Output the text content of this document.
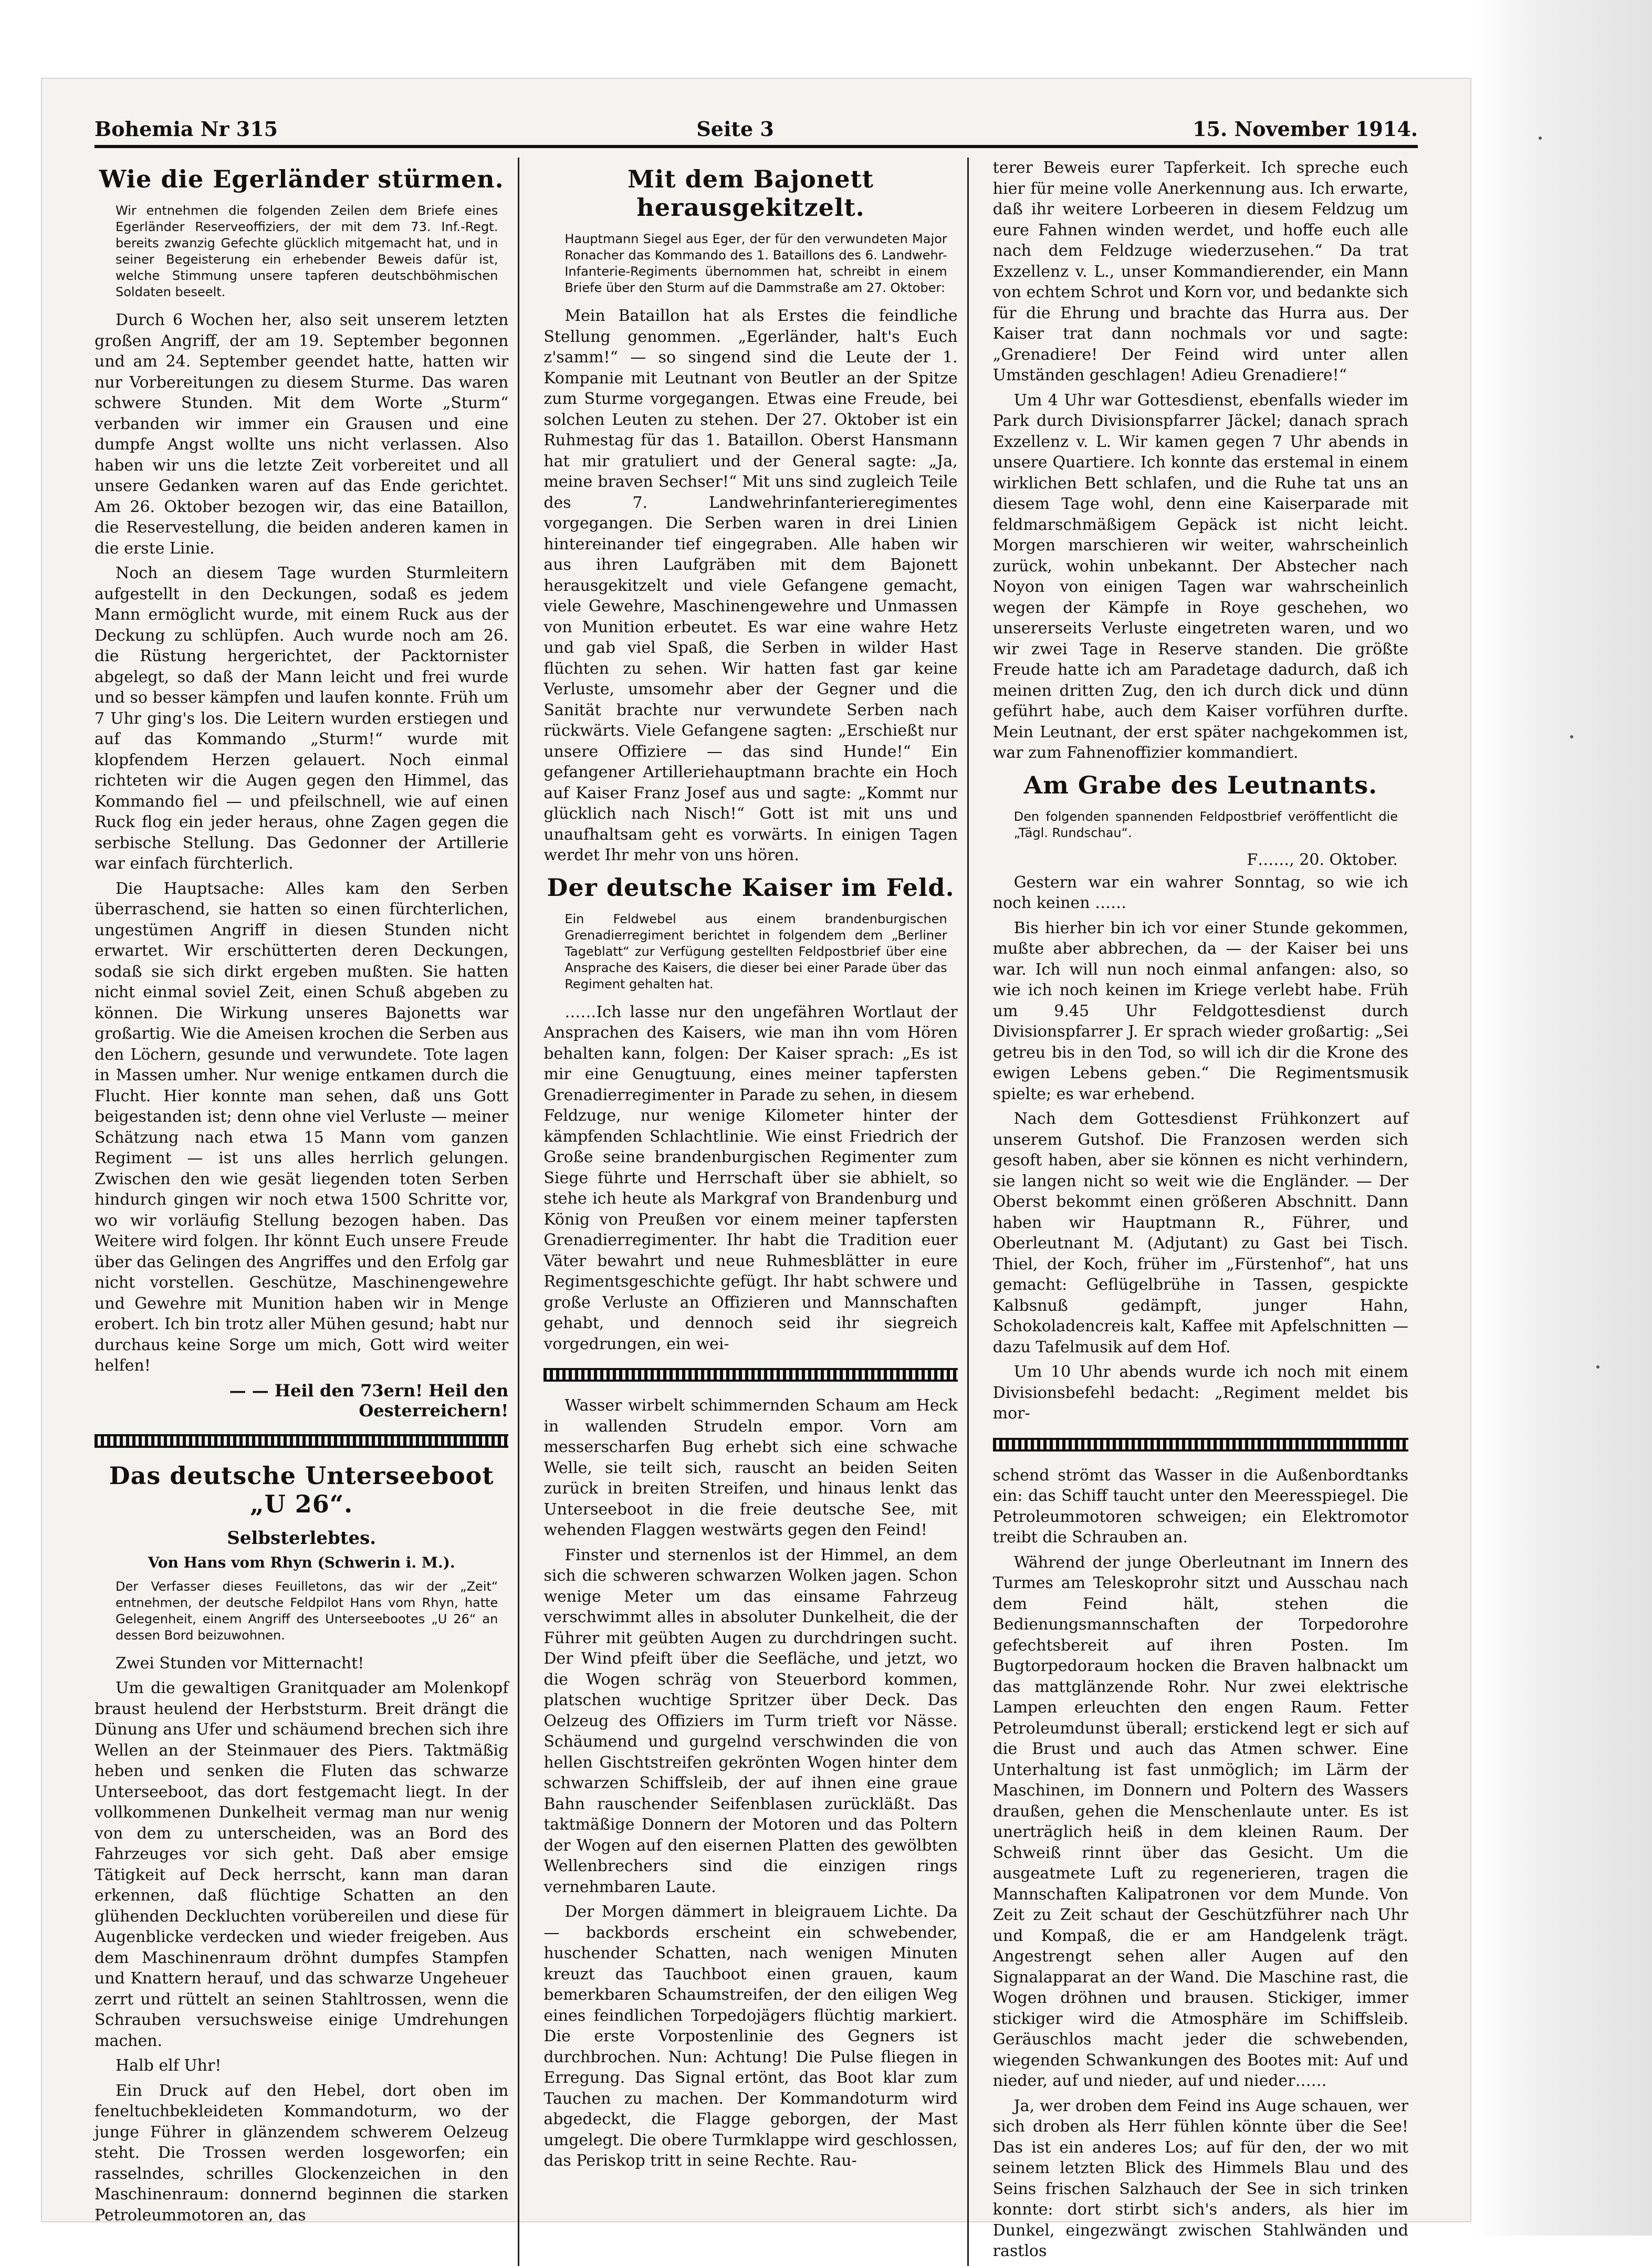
Bohemia Nr 315	Seite 3	15. November 1914.
Wie die Egerländer stürmen.
Wir entnehmen die folgenden Zeilen dem Briefe eines Egerländer Reserveoffiziers, der mit dem 73. Inf.-Regt. bereits zwanzig Gefechte glücklich mitgemacht hat, und in seiner Begeisterung ein erhebender Beweis dafür ist, welche Stimmung unsere tapferen deutschböhmischen Soldaten beseelt.

Durch 6 Wochen her, also seit unserem letzten großen Angriff, der am 19. September begonnen und am 24. September geendet hatte, hatten wir nur Vorbereitungen zu diesem Sturme. Das waren schwere Stunden. Mit dem Worte „Sturm“ verbanden wir immer ein Grausen und eine dumpfe Angst wollte uns nicht verlassen. Also haben wir uns die letzte Zeit vorbereitet und all unsere Gedanken waren auf das Ende gerichtet. Am 26. Oktober bezogen wir, das eine Bataillon, die Reservestellung, die beiden anderen kamen in die erste Linie.

Noch an diesem Tage wurden Sturmleitern aufgestellt in den Deckungen, sodaß es jedem Mann ermöglicht wurde, mit einem Ruck aus der Deckung zu schlüpfen. Auch wurde noch am 26. die Rüstung hergerichtet, der Packtornister abgelegt, so daß der Mann leicht und frei wurde und so besser kämpfen und laufen konnte. Früh um 7 Uhr ging's los. Die Leitern wurden erstiegen und auf das Kommando „Sturm!“ wurde mit klopfendem Herzen gelauert. Noch einmal richteten wir die Augen gegen den Himmel, das Kommando fiel — und pfeilschnell, wie auf einen Ruck flog ein jeder heraus, ohne Zagen gegen die serbische Stellung. Das Gedonner der Artillerie war einfach fürchterlich.

Die Hauptsache: Alles kam den Serben überraschend, sie hatten so einen fürchterlichen, ungestümen Angriff in diesen Stunden nicht erwartet. Wir erschütterten deren Deckungen, sodaß sie sich dirkt ergeben mußten. Sie hatten nicht einmal soviel Zeit, einen Schuß abgeben zu können. Die Wirkung unseres Bajonetts war großartig. Wie die Ameisen krochen die Serben aus den Löchern, gesunde und verwundete. Tote lagen in Massen umher. Nur wenige entkamen durch die Flucht. Hier konnte man sehen, daß uns Gott beigestanden ist; denn ohne viel Verluste — meiner Schätzung nach etwa 15 Mann vom ganzen Regiment — ist uns alles herrlich gelungen. Zwischen den wie gesät liegenden toten Serben hindurch gingen wir noch etwa 1500 Schritte vor, wo wir vorläufig Stellung bezogen haben. Das Weitere wird folgen. Ihr könnt Euch unsere Freude über das Gelingen des Angriffes und den Erfolg gar nicht vorstellen. Geschütze, Maschinengewehre und Gewehre mit Munition haben wir in Menge erobert. Ich bin trotz aller Mühen gesund; habt nur durchaus keine Sorge um mich, Gott wird weiter helfen!

— — Heil den 73ern! Heil den Oesterreichern!
Das deutsche Unterseeboot „U 26“.
Selbsterlebtes.
Von Hans vom Rhyn (Schwerin i. M.).
Der Verfasser dieses Feuilletons, das wir der „Zeit“ entnehmen, der deutsche Feldpilot Hans vom Rhyn, hatte Gelegenheit, einem Angriff des Unterseebootes „U 26“ an dessen Bord beizuwohnen.

Zwei Stunden vor Mitternacht!

Um die gewaltigen Granitquader am Molenkopf braust heulend der Herbststurm. Breit drängt die Dünung ans Ufer und schäumend brechen sich ihre Wellen an der Steinmauer des Piers. Taktmäßig heben und senken die Fluten das schwarze Unterseeboot, das dort festgemacht liegt. In der vollkommenen Dunkelheit vermag man nur wenig von dem zu unterscheiden, was an Bord des Fahrzeuges vor sich geht. Daß aber emsige Tätigkeit auf Deck herrscht, kann man daran erkennen, daß flüchtige Schatten an den glühenden Deckluchten vorübereilen und diese für Augenblicke verdecken und wieder freigeben. Aus dem Maschinenraum dröhnt dumpfes Stampfen und Knattern herauf, und das schwarze Ungeheuer zerrt und rüttelt an seinen Stahltrossen, wenn die Schrauben versuchsweise einige Umdrehungen machen.

Halb elf Uhr!

Ein Druck auf den Hebel, dort oben im feneltuchbekleideten Kommandoturm, wo der junge Führer in glänzendem schwerem Oelzeug steht. Die Trossen werden losgeworfen; ein rasselndes, schrilles Glockenzeichen in den Maschinenraum: donnernd beginnen die starken Petroleummotoren an, das

Mit dem Bajonett herausgekitzelt.
Hauptmann Siegel aus Eger, der für den verwundeten Major Ronacher das Kommando des 1. Bataillons des 6. Landwehr-Infanterie-Regiments übernommen hat, schreibt in einem Briefe über den Sturm auf die Dammstraße am 27. Oktober:

Mein Bataillon hat als Erstes die feindliche Stellung genommen. „Egerländer, halt's Euch z'samm!“ — so singend sind die Leute der 1. Kompanie mit Leutnant von Beutler an der Spitze zum Sturme vorgegangen. Etwas eine Freude, bei solchen Leuten zu stehen. Der 27. Oktober ist ein Ruhmestag für das 1. Bataillon. Oberst Hansmann hat mir gratuliert und der General sagte: „Ja, meine braven Sechser!“ Mit uns sind zugleich Teile des 7. Landwehrinfanterieregimentes vorgegangen. Die Serben waren in drei Linien hintereinander tief eingegraben. Alle haben wir aus ihren Laufgräben mit dem Bajonett herausgekitzelt und viele Gefangene gemacht, viele Gewehre, Maschinengewehre und Unmassen von Munition erbeutet. Es war eine wahre Hetz und gab viel Spaß, die Serben in wilder Hast flüchten zu sehen. Wir hatten fast gar keine Verluste, umsomehr aber der Gegner und die Sanität brachte nur verwundete Serben nach rückwärts. Viele Gefangene sagten: „Erschießt nur unsere Offiziere — das sind Hunde!“ Ein gefangener Artilleriehauptmann brachte ein Hoch auf Kaiser Franz Josef aus und sagte: „Kommt nur glücklich nach Nisch!“ Gott ist mit uns und unaufhaltsam geht es vorwärts. In einigen Tagen werdet Ihr mehr von uns hören.

Der deutsche Kaiser im Feld.
Ein Feldwebel aus einem brandenburgischen Grenadierregiment berichtet in folgendem dem „Berliner Tageblatt“ zur Verfügung gestellten Feldpostbrief über eine Ansprache des Kaisers, die dieser bei einer Parade über das Regiment gehalten hat.

……Ich lasse nur den ungefähren Wortlaut der Ansprachen des Kaisers, wie man ihn vom Hören behalten kann, folgen: Der Kaiser sprach: „Es ist mir eine Genugtuung, eines meiner tapfersten Grenadierregimenter in Parade zu sehen, in diesem Feldzuge, nur wenige Kilometer hinter der kämpfenden Schlachtlinie. Wie einst Friedrich der Große seine brandenburgischen Regimenter zum Siege führte und Herrschaft über sie abhielt, so stehe ich heute als Markgraf von Brandenburg und König von Preußen vor einem meiner tapfersten Grenadierregimenter. Ihr habt die Tradition euer Väter bewahrt und neue Ruhmesblätter in eure Regimentsgeschichte gefügt. Ihr habt schwere und große Verluste an Offizieren und Mannschaften gehabt, und dennoch seid ihr siegreich vorgedrungen, ein wei-

Wasser wirbelt schimmernden Schaum am Heck in wallenden Strudeln empor. Vorn am messerscharfen Bug erhebt sich eine schwache Welle, sie teilt sich, rauscht an beiden Seiten zurück in breiten Streifen, und hinaus lenkt das Unterseeboot in die freie deutsche See, mit wehenden Flaggen westwärts gegen den Feind!

Finster und sternenlos ist der Himmel, an dem sich die schweren schwarzen Wolken jagen. Schon wenige Meter um das einsame Fahrzeug verschwimmt alles in absoluter Dunkelheit, die der Führer mit geübten Augen zu durchdringen sucht. Der Wind pfeift über die Seefläche, und jetzt, wo die Wogen schräg von Steuerbord kommen, platschen wuchtige Spritzer über Deck. Das Oelzeug des Offiziers im Turm trieft vor Nässe. Schäumend und gurgelnd verschwinden die von hellen Gischtstreifen gekrönten Wogen hinter dem schwarzen Schiffsleib, der auf ihnen eine graue Bahn rauschender Seifenblasen zurückläßt. Das taktmäßige Donnern der Motoren und das Poltern der Wogen auf den eisernen Platten des gewölbten Wellenbrechers sind die einzigen rings vernehmbaren Laute.

Der Morgen dämmert in bleigrauem Lichte. Da — backbords erscheint ein schwebender, huschender Schatten, nach wenigen Minuten kreuzt das Tauchboot einen grauen, kaum bemerkbaren Schaumstreifen, der den eiligen Weg eines feindlichen Torpedojägers flüchtig markiert. Die erste Vorpostenlinie des Gegners ist durchbrochen. Nun: Achtung! Die Pulse fliegen in Erregung. Das Signal ertönt, das Boot klar zum Tauchen zu machen. Der Kommandoturm wird abgedeckt, die Flagge geborgen, der Mast umgelegt. Die obere Turmklappe wird geschlossen, das Periskop tritt in seine Rechte. Rau-

terer Beweis eurer Tapferkeit. Ich spreche euch hier für meine volle Anerkennung aus. Ich erwarte, daß ihr weitere Lorbeeren in diesem Feldzug um eure Fahnen winden werdet, und hoffe euch alle nach dem Feldzuge wiederzusehen.“ Da trat Exzellenz v. L., unser Kommandierender, ein Mann von echtem Schrot und Korn vor, und bedankte sich für die Ehrung und brachte das Hurra aus. Der Kaiser trat dann nochmals vor und sagte: „Grenadiere! Der Feind wird unter allen Umständen geschlagen! Adieu Grenadiere!“

Um 4 Uhr war Gottesdienst, ebenfalls wieder im Park durch Divisionspfarrer Jäckel; danach sprach Exzellenz v. L. Wir kamen gegen 7 Uhr abends in unsere Quartiere. Ich konnte das erstemal in einem wirklichen Bett schlafen, und die Ruhe tat uns an diesem Tage wohl, denn eine Kaiserparade mit feldmarschmäßigem Gepäck ist nicht leicht. Morgen marschieren wir weiter, wahrscheinlich zurück, wohin unbekannt. Der Abstecher nach Noyon von einigen Tagen war wahrscheinlich wegen der Kämpfe in Roye geschehen, wo unsererseits Verluste eingetreten waren, und wo wir zwei Tage in Reserve standen. Die größte Freude hatte ich am Paradetage dadurch, daß ich meinen dritten Zug, den ich durch dick und dünn geführt habe, auch dem Kaiser vorführen durfte. Mein Leutnant, der erst später nachgekommen ist, war zum Fahnenoffizier kommandiert.

Am Grabe des Leutnants.
Den folgenden spannenden Feldpostbrief veröffentlicht die „Tägl. Rundschau“.
F……, 20. Oktober.

Gestern war ein wahrer Sonntag, so wie ich noch keinen ……

Bis hierher bin ich vor einer Stunde gekommen, mußte aber abbrechen, da — der Kaiser bei uns war. Ich will nun noch einmal anfangen: also, so wie ich noch keinen im Kriege verlebt habe. Früh um 9.45 Uhr Feldgottesdienst durch Divisionspfarrer J. Er sprach wieder großartig: „Sei getreu bis in den Tod, so will ich dir die Krone des ewigen Lebens geben.“ Die Regimentsmusik spielte; es war erhebend.

Nach dem Gottesdienst Frühkonzert auf unserem Gutshof. Die Franzosen werden sich gesoft haben, aber sie können es nicht verhindern, sie langen nicht so weit wie die Engländer. — Der Oberst bekommt einen größeren Abschnitt. Dann haben wir Hauptmann R., Führer, und Oberleutnant M. (Adjutant) zu Gast bei Tisch. Thiel, der Koch, früher im „Fürstenhof“, hat uns gemacht: Geflügelbrühe in Tassen, gespickte Kalbsnuß gedämpft, junger Hahn, Schokoladencreis kalt, Kaffee mit Apfelschnitten — dazu Tafelmusik auf dem Hof.

Um 10 Uhr abends wurde ich noch mit einem Divisionsbefehl bedacht: „Regiment meldet bis mor-

schend strömt das Wasser in die Außenbordtanks ein: das Schiff taucht unter den Meeresspiegel. Die Petroleummotoren schweigen; ein Elektromotor treibt die Schrauben an.

Während der junge Oberleutnant im Innern des Turmes am Teleskoprohr sitzt und Ausschau nach dem Feind hält, stehen die Bedienungsmannschaften der Torpedorohre gefechtsbereit auf ihren Posten. Im Bugtorpedoraum hocken die Braven halbnackt um das mattglänzende Rohr. Nur zwei elektrische Lampen erleuchten den engen Raum. Fetter Petroleumdunst überall; erstickend legt er sich auf die Brust und auch das Atmen schwer. Eine Unterhaltung ist fast unmöglich; im Lärm der Maschinen, im Donnern und Poltern des Wassers draußen, gehen die Menschenlaute unter. Es ist unerträglich heiß in dem kleinen Raum. Der Schweiß rinnt über das Gesicht. Um die ausgeatmete Luft zu regenerieren, tragen die Mannschaften Kalipatronen vor dem Munde. Von Zeit zu Zeit schaut der Geschützführer nach Uhr und Kompaß, die er am Handgelenk trägt. Angestrengt sehen aller Augen auf den Signalapparat an der Wand. Die Maschine rast, die Wogen dröhnen und brausen. Stickiger, immer stickiger wird die Atmosphäre im Schiffsleib. Geräuschlos macht jeder die schwebenden, wiegenden Schwankungen des Bootes mit: Auf und nieder, auf und nieder, auf und nieder……

Ja, wer droben dem Feind ins Auge schauen, wer sich droben als Herr fühlen könnte über die See! Das ist ein anderes Los; auf für den, der wo mit seinem letzten Blick des Himmels Blau und des Seins frischen Salzhauch der See in sich trinken konnte: dort stirbt sich's anders, als hier im Dunkel, eingezwängt zwischen Stahlwänden und rastlos
